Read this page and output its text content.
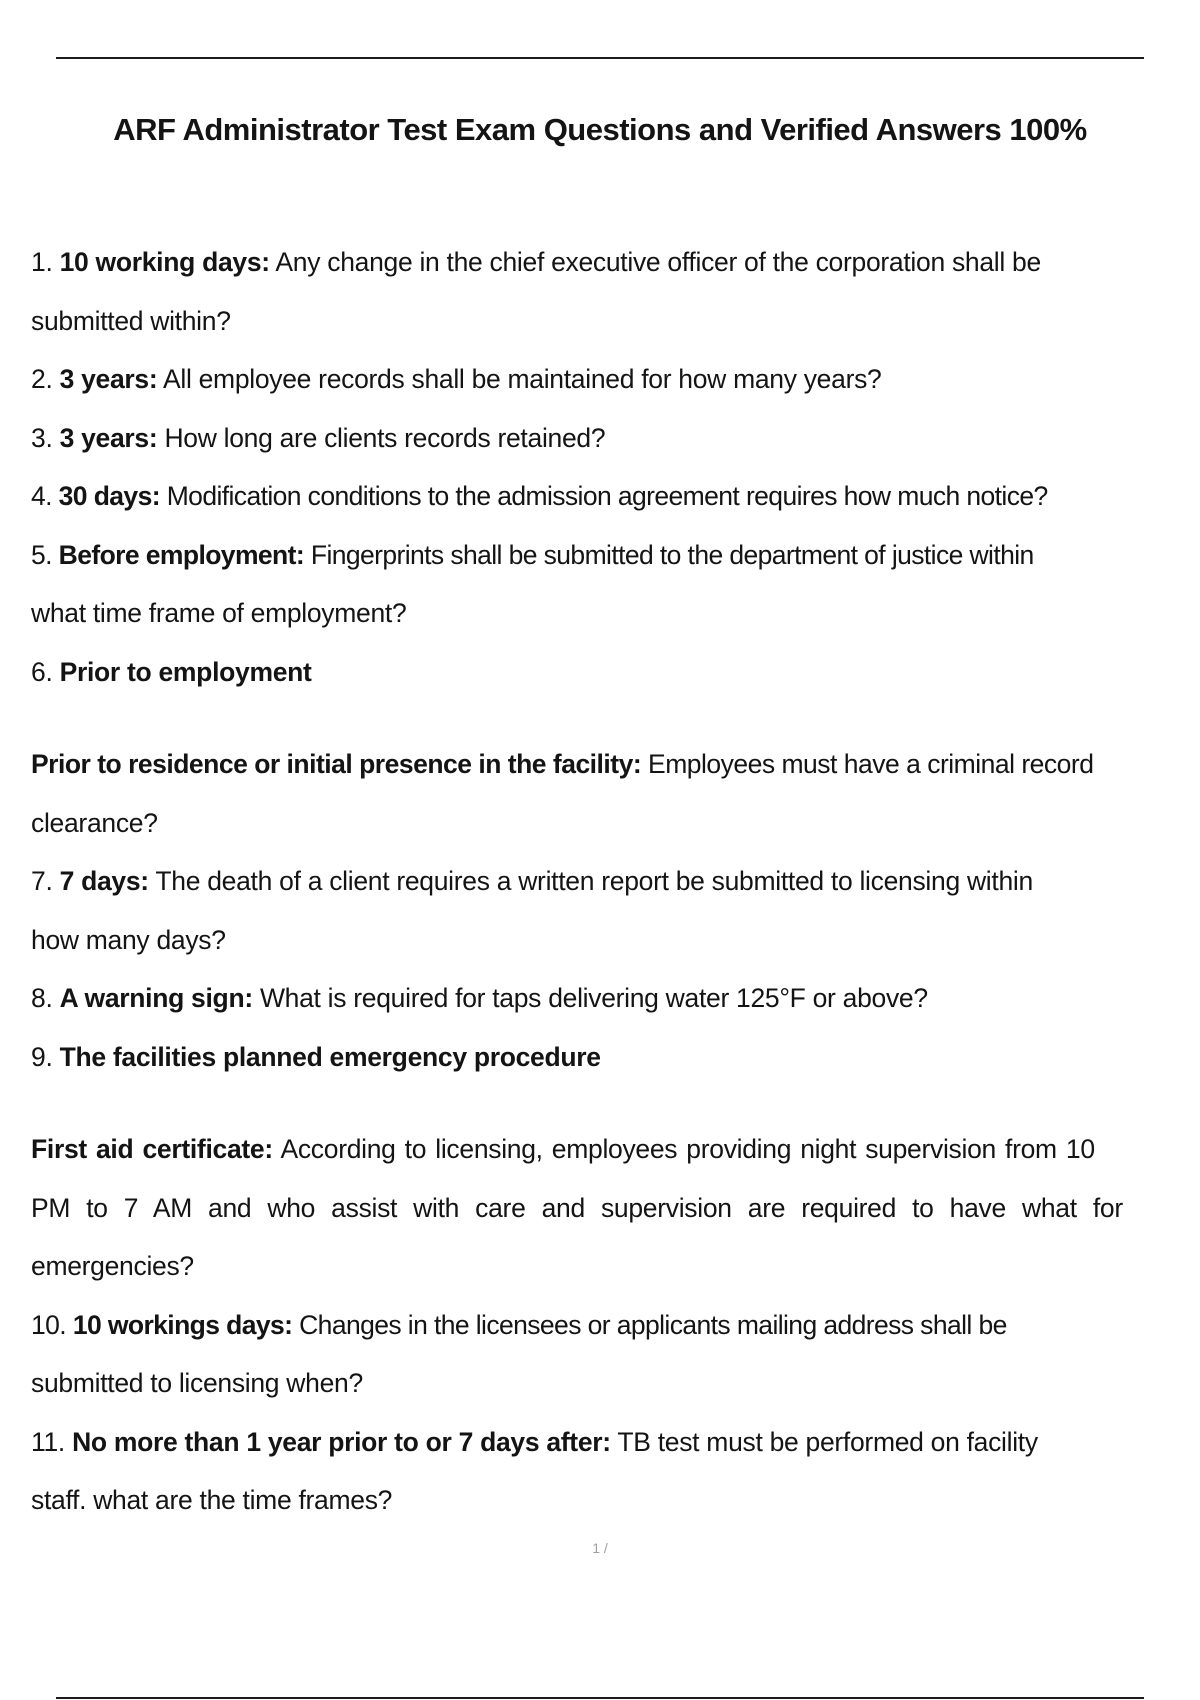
ARF Administrator Test Exam Questions and Verified Answers 100%

1. 10 working days: Any change in the chief executive officer of the corporation shall be

submitted within?

2. 3 years: All employee records shall be maintained for how many years?

3. 3 years: How long are clients records retained?

4. 30 days: Modification conditions to the admission agreement requires how much notice?

5. Before employment: Fingerprints shall be submitted to the department of justice within

what time frame of employment?

6. Prior to employment

Prior to residence or initial presence in the facility: Employees must have a criminal record

clearance?

7. 7 days: The death of a client requires a written report be submitted to licensing within

how many days?

8. A warning sign: What is required for taps delivering water 125°F or above?

9. The facilities planned emergency procedure

First aid certificate: According to licensing, employees providing night supervision from 10

PM to 7 AM and who assist with care and supervision are required to have what for

emergencies?

10. 10 workings days: Changes in the licensees or applicants mailing address shall be

submitted to licensing when?

11. No more than 1 year prior to or 7 days after: TB test must be performed on facility

staff. what are the time frames?

1 /
